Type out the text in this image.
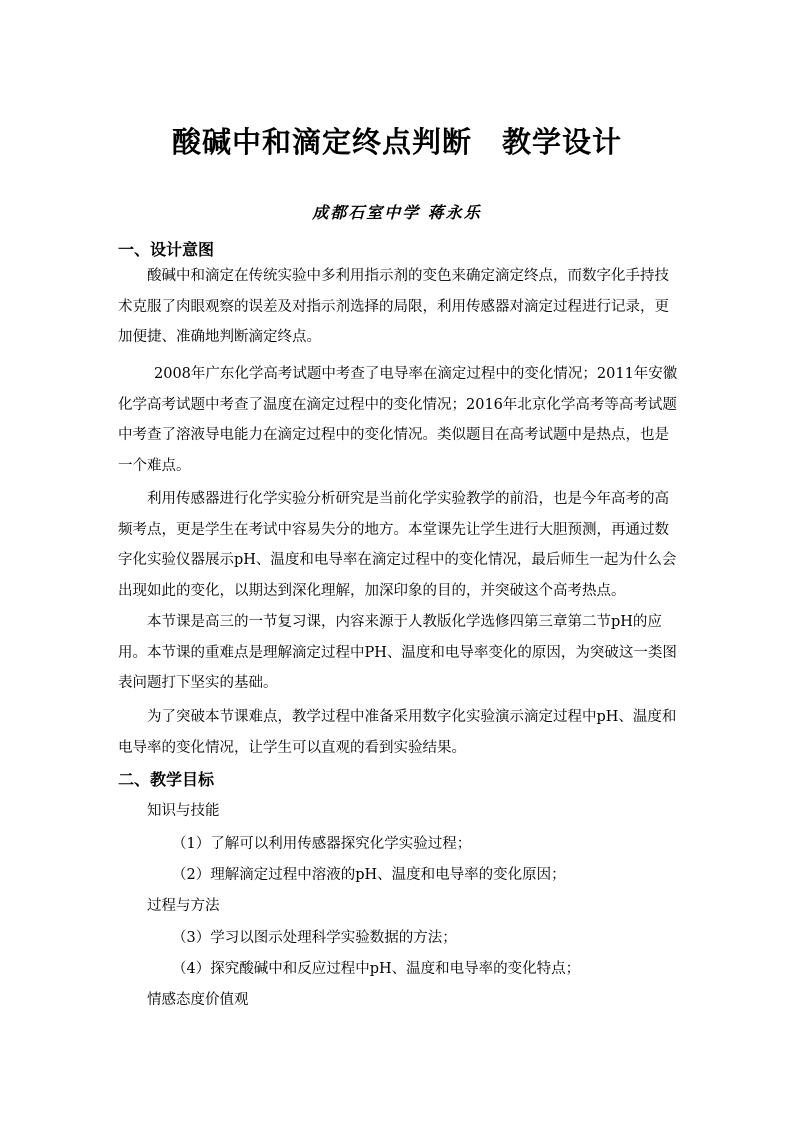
酸碱中和滴定终点判断　教学设计
成都石室中学 蒋永乐
一、设计意图

酸碱中和滴定在传统实验中多利用指示剂的变色来确定滴定终点，而数字化手持技术克服了肉眼观察的误差及对指示剂选择的局限，利用传感器对滴定过程进行记录，更加便捷、准确地判断滴定终点。

2008年广东化学高考试题中考查了电导率在滴定过程中的变化情况；2011年安徽化学高考试题中考查了温度在滴定过程中的变化情况；2016年北京化学高考等高考试题中考查了溶液导电能力在滴定过程中的变化情况。类似题目在高考试题中是热点，也是一个难点。

利用传感器进行化学实验分析研究是当前化学实验教学的前沿，也是今年高考的高频考点，更是学生在考试中容易失分的地方。本堂课先让学生进行大胆预测，再通过数字化实验仪器展示pH、温度和电导率在滴定过程中的变化情况，最后师生一起为什么会出现如此的变化，以期达到深化理解，加深印象的目的，并突破这个高考热点。

本节课是高三的一节复习课，内容来源于人教版化学选修四第三章第二节pH的应用。本节课的重难点是理解滴定过程中PH、温度和电导率变化的原因，为突破这一类图表问题打下坚实的基础。

为了突破本节课难点，教学过程中准备采用数字化实验演示滴定过程中pH、温度和电导率的变化情况，让学生可以直观的看到实验结果。

二、教学目标
知识与技能
（1）了解可以利用传感器探究化学实验过程；
（2）理解滴定过程中溶液的pH、温度和电导率的变化原因；
过程与方法
（3）学习以图示处理科学实验数据的方法；
（4）探究酸碱中和反应过程中pH、温度和电导率的变化特点；
情感态度价值观
